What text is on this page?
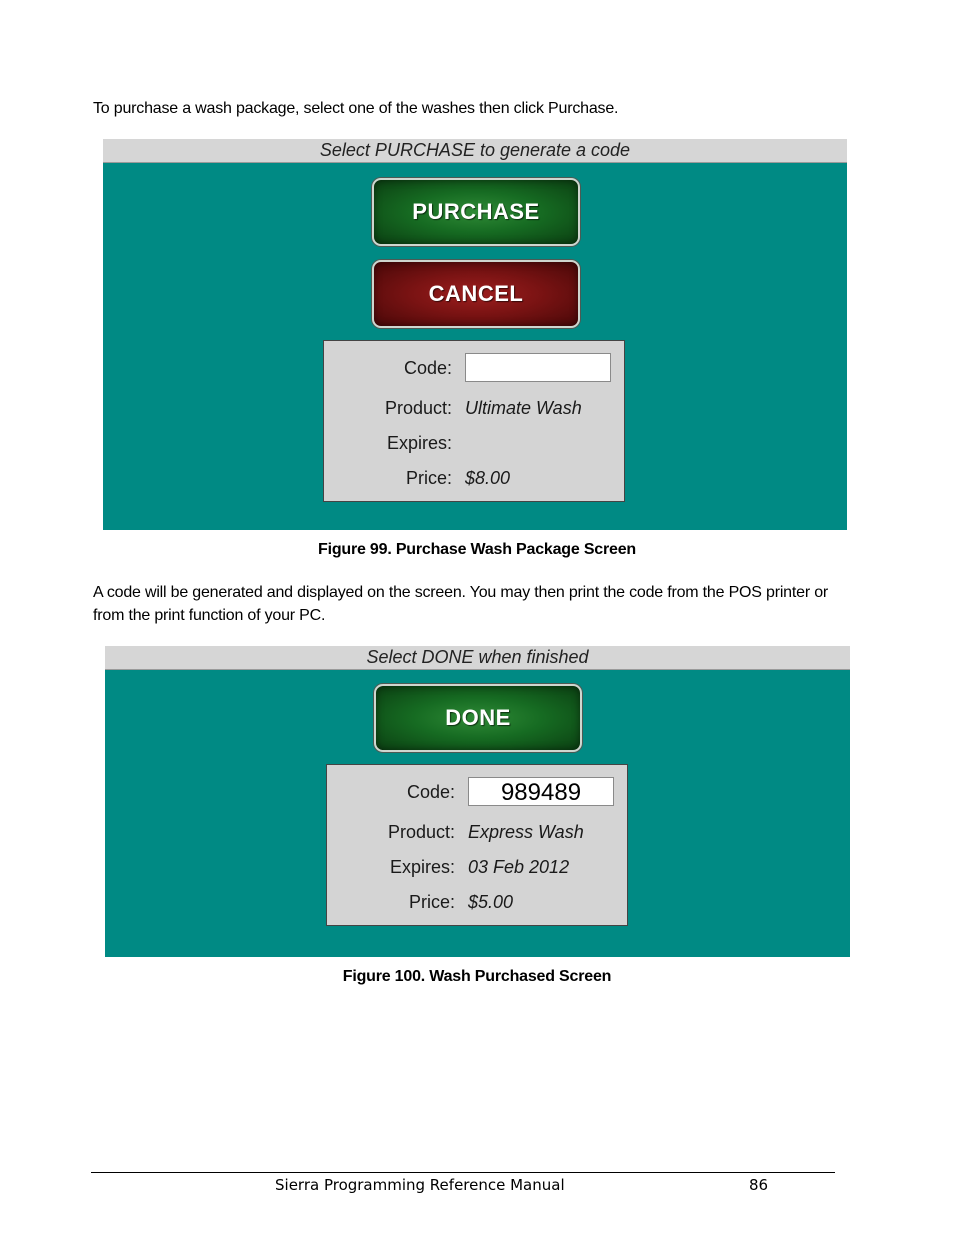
To purchase a wash package, select one of the washes then click Purchase.
Select PURCHASE to generate a code
PURCHASE
CANCEL
Code:
Product: Ultimate Wash
Expires:
Price: $8.00
Figure 99. Purchase Wash Package Screen
A code will be generated and displayed on the screen. You may then print the code from the POS printer or
from the print function of your PC.
Select DONE when finished
DONE
Code:	989489
Product: Express Wash
Expires: 03 Feb 2012
Price: $5.00
Figure 100. Wash Purchased Screen
Sierra Programming Reference Manual	86
